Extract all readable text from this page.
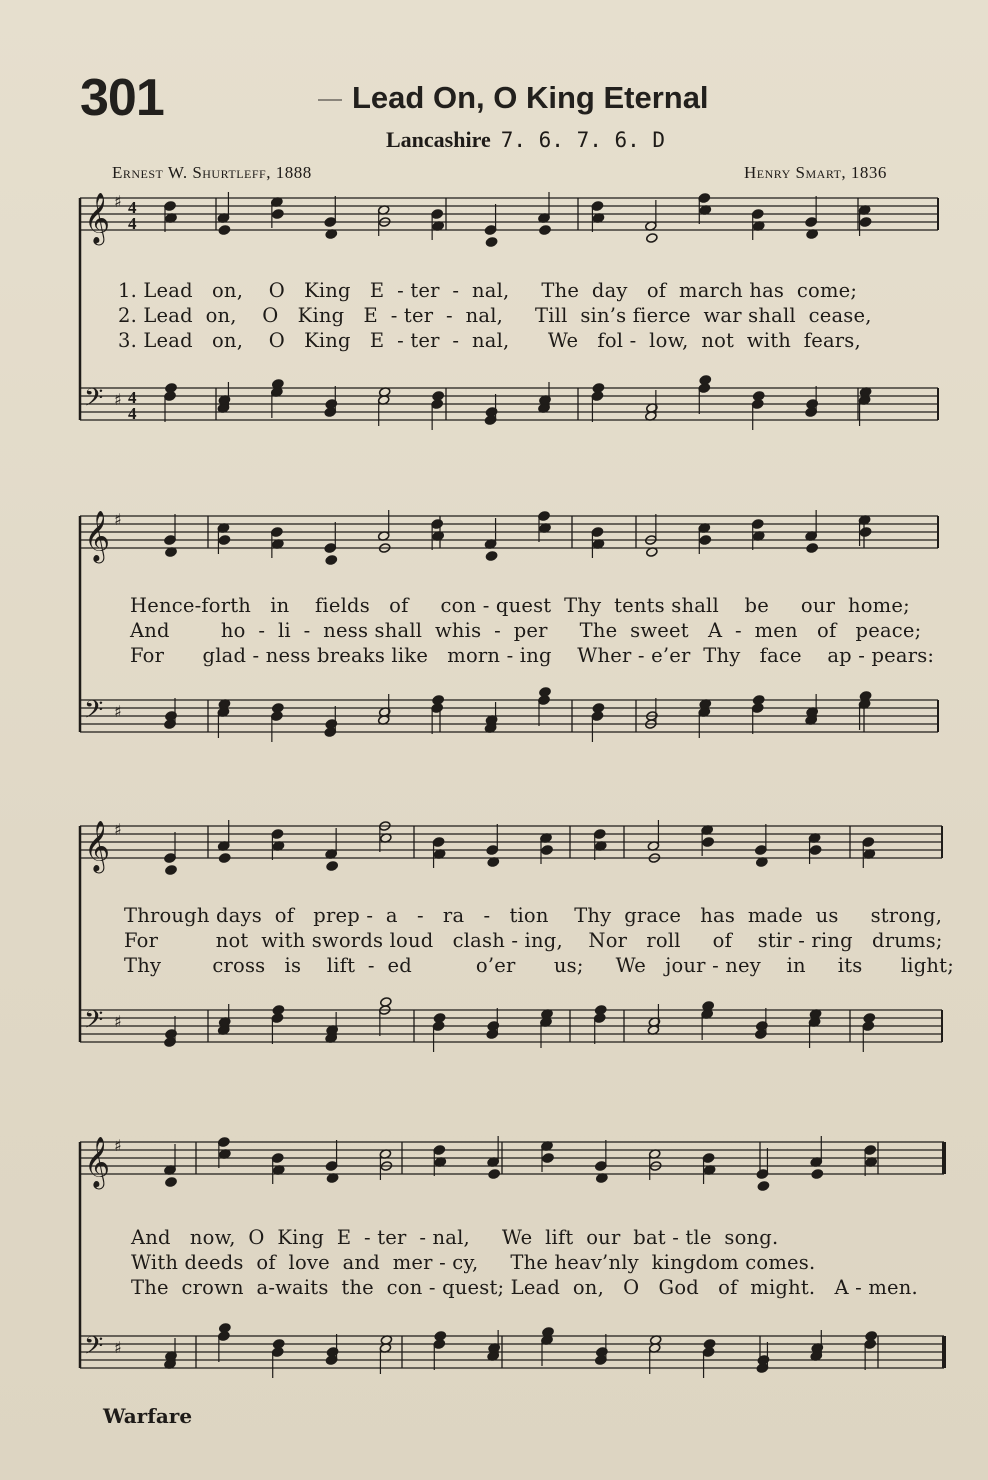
301	Lead On, O King Eternal
Lancashire 7. 6. 7. 6. D
Ernest W. Shurtleff, 1888	Henry Smart, 1836
𝄞 ♯ 4
4
𝄢 ♯ 4
4
𝄞 ♯
𝄢 ♯
𝄞 ♯
𝄢 ♯
𝄞 ♯
𝄢 ♯
1. Lead   on,    O   King   E  - ter  -  nal,     The  day   of  march has  come;
2. Lead  on,    O   King   E  - ter  -  nal,     Till  sin’s fierce  war shall  cease,
3. Lead   on,    O   King   E  - ter  -  nal,      We   fol -  low,  not  with  fears,
Hence-forth   in    fields   of     con - quest  Thy  tents shall    be     our  home;
And        ho  -  li  -  ness shall  whis  -  per     The  sweet   A  -  men   of   peace;
For      glad - ness breaks like   morn - ing    Wher - e’er  Thy   face    ap - pears:
Through days  of   prep -  a   -   ra   -   tion    Thy  grace   has  made  us     strong,
For         not  with swords loud   clash - ing,    Nor   roll     of    stir - ring   drums;
Thy        cross   is    lift  -  ed          o’er      us;     We   jour - ney    in     its      light;
And   now,  O  King  E  - ter  - nal,     We  lift  our  bat - tle  song.
With deeds  of  love  and  mer - cy,     The heav’nly  kingdom comes.
The  crown  a-waits  the  con - quest; Lead  on,   O   God   of  might.   A - men.
Warfare
